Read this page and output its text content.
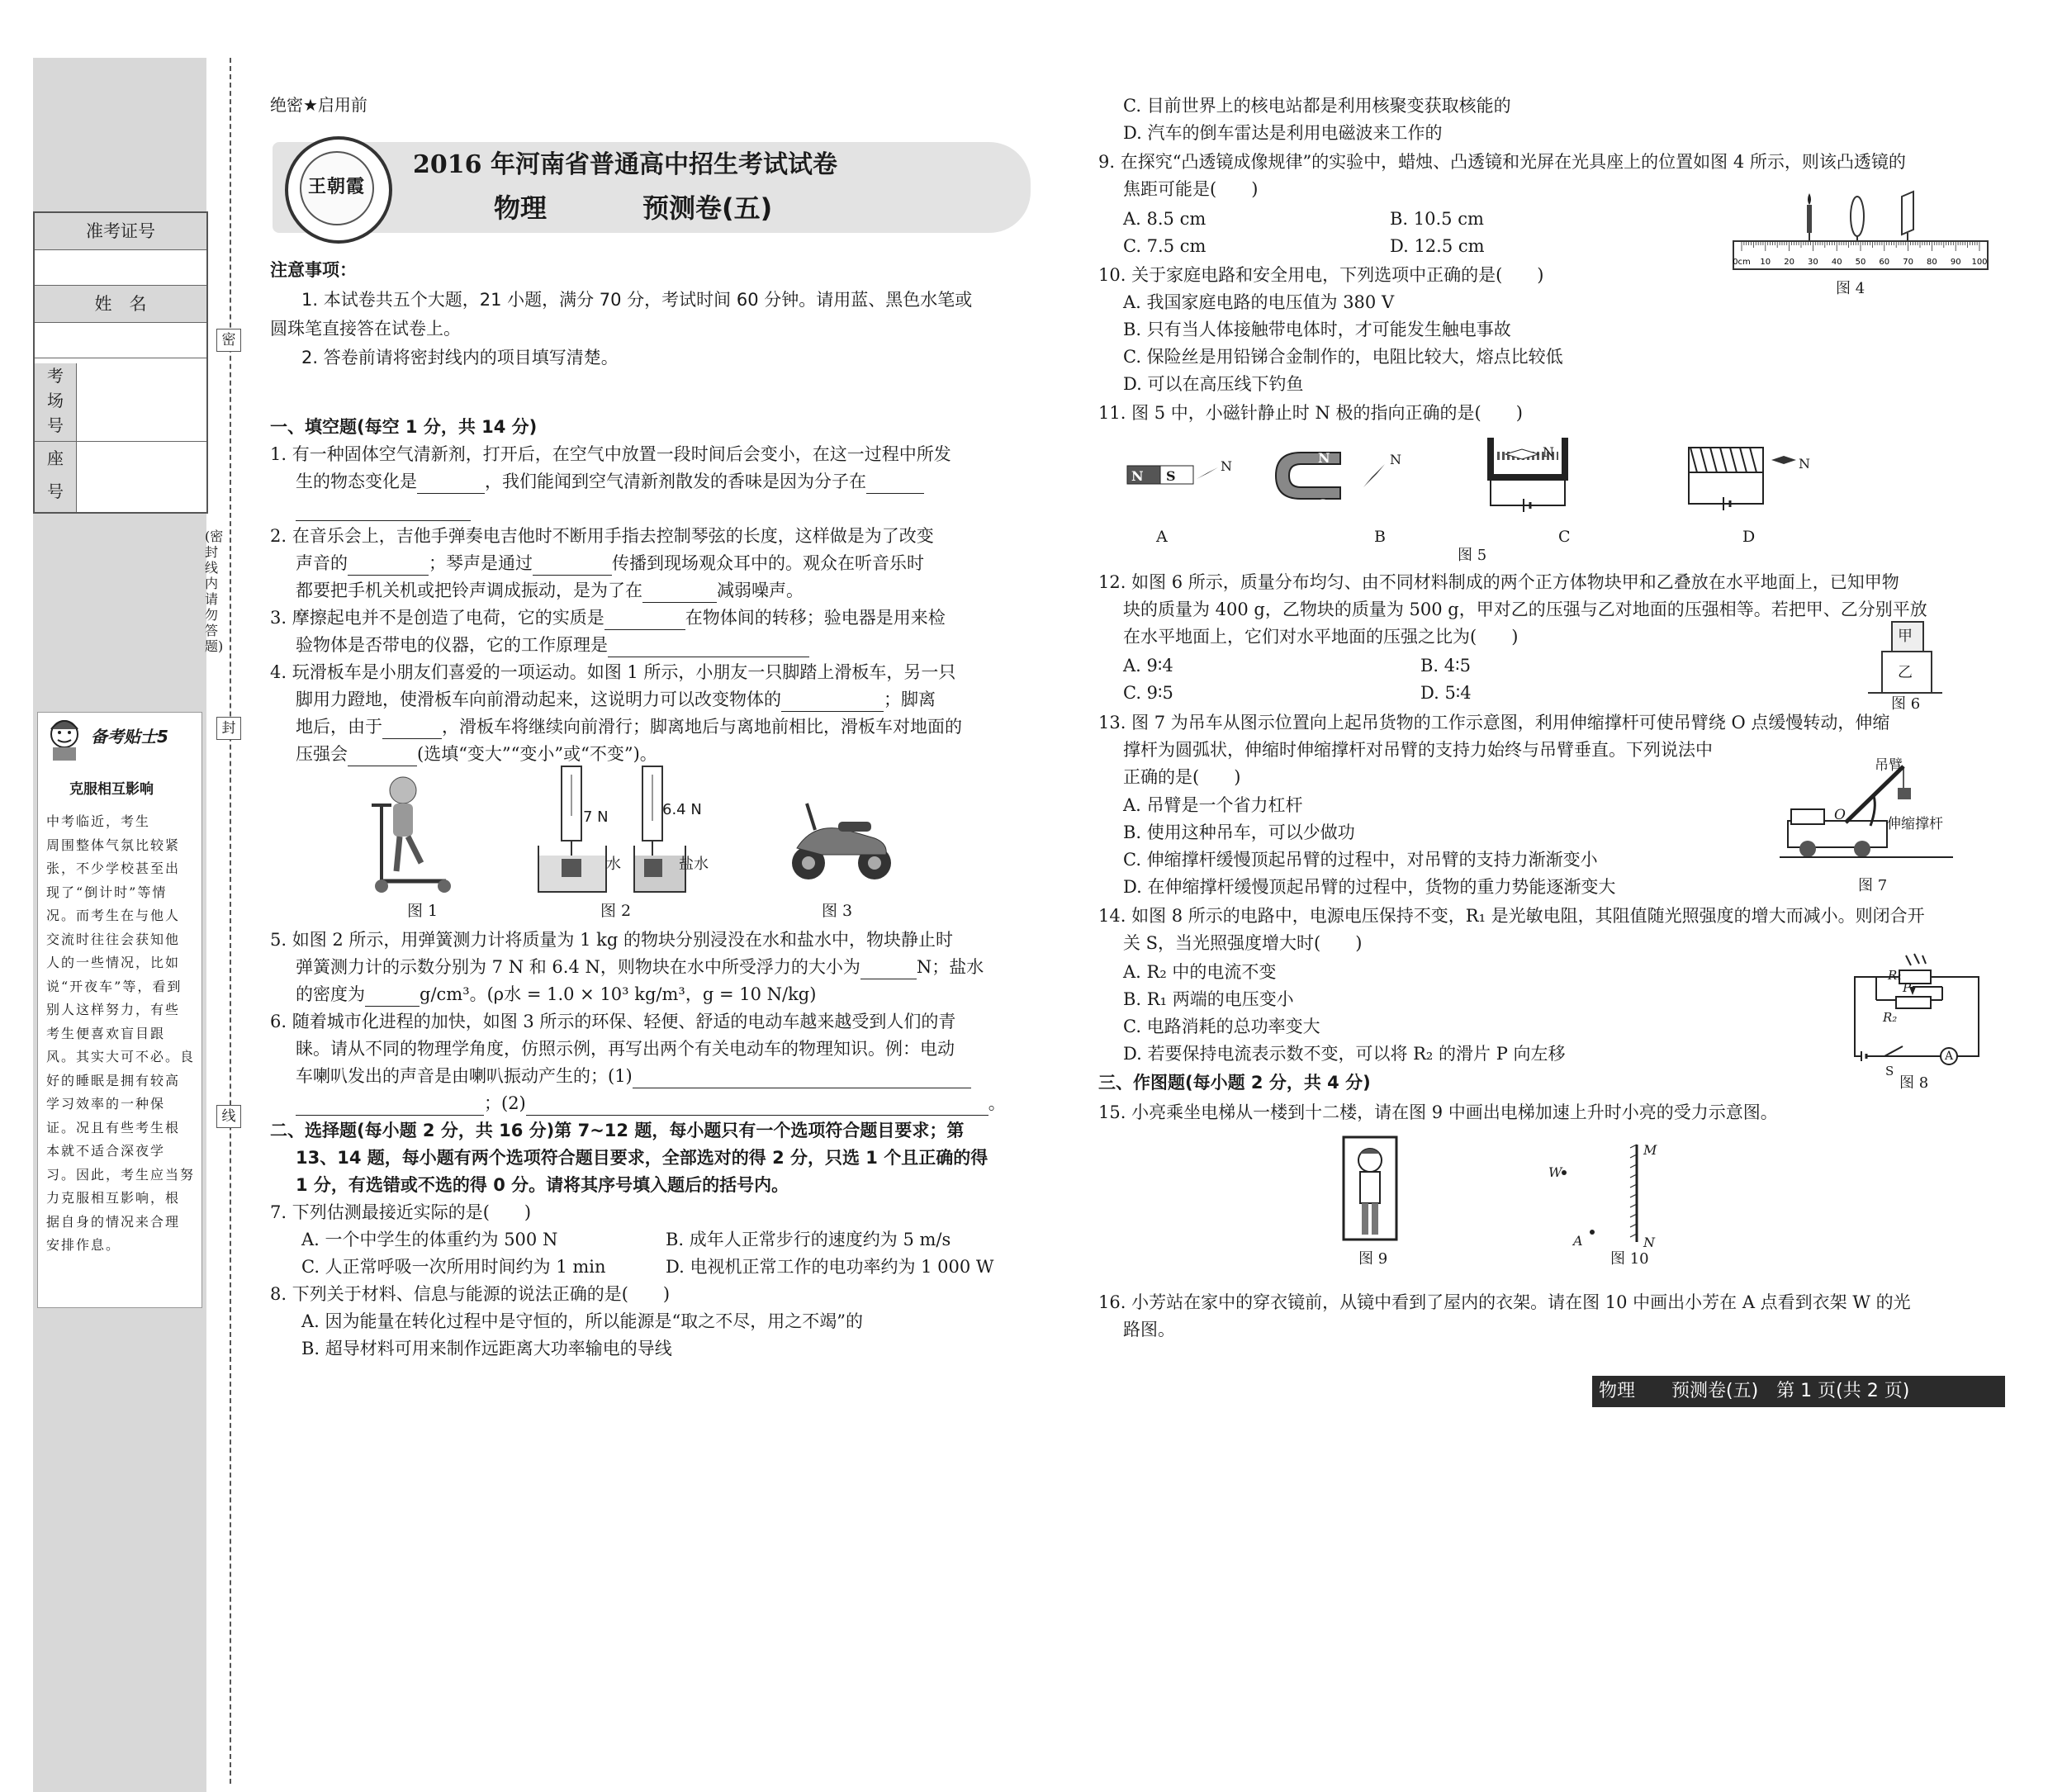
准考证号
姓　名
考
场
号
座
号
密
封
线
(密封线内请勿答题)
备考贴士5
克服相互影响
中考临近，考生
周围整体气氛比较紧
张，不少学校甚至出
现了“倒计时”等情
况。而考生在与他人
交流时往往会获知他
人的一些情况，比如
说“开夜车”等，看到
别人这样努力，有些
考生便喜欢盲目跟
风。其实大可不必。良
好的睡眠是拥有较高
学习效率的一种保
证。况且有些考生根
本就不适合深夜学
习。因此，考生应当努
力克服相互影响，根
据自身的情况来合理
安排作息。
绝密★启用前
王朝霞
2016 年河南省普通高中招生考试试卷
物理	预测卷(五)
注意事项：
1. 本试卷共五个大题，21 小题，满分 70 分，考试时间 60 分钟。请用蓝、黑色水笔或
圆珠笔直接答在试卷上。
2. 答卷前请将密封线内的项目填写清楚。
一、填空题(每空 1 分，共 14 分)
1. 有一种固体空气清新剂，打开后，在空气中放置一段时间后会变小，在这一过程中所发
生的物态变化是	，我们能闻到空气清新剂散发的香味是因为分子在
2. 在音乐会上，吉他手弹奏电吉他时不断用手指去控制琴弦的长度，这样做是为了改变
声音的	；琴声是通过	传播到现场观众耳中的。观众在听音乐时
都要把手机关机或把铃声调成振动，是为了在	减弱噪声。
3. 摩擦起电并不是创造了电荷，它的实质是	在物体间的转移；验电器是用来检
验物体是否带电的仪器，它的工作原理是
4. 玩滑板车是小朋友们喜爱的一项运动。如图 1 所示，小朋友一只脚踏上滑板车，另一只
脚用力蹬地，使滑板车向前滑动起来，这说明力可以改变物体的	；脚离
地后，由于	，滑板车将继续向前滑行；脚离地后与离地前相比，滑板车对地面的
压强会	(选填“变大”“变小”或“不变”)。
7 N
水
6.4 N
盐水
图 1	图 2	图 3
5. 如图 2 所示，用弹簧测力计将质量为 1 kg 的物块分别浸没在水和盐水中，物块静止时
弹簧测力计的示数分别为 7 N 和 6.4 N，则物块在水中所受浮力的大小为	N；盐水
的密度为	g/cm³。(ρ水 = 1.0 × 10³ kg/m³，g = 10 N/kg)
6. 随着城市化进程的加快，如图 3 所示的环保、轻便、舒适的电动车越来越受到人们的青
睐。请从不同的物理学角度，仿照示例，再写出两个有关电动车的物理知识。例：电动
车喇叭发出的声音是由喇叭振动产生的；(1)
；(2)	。
二、选择题(每小题 2 分，共 16 分)第 7~12 题，每小题只有一个选项符合题目要求；第
13、14 题，每小题有两个选项符合题目要求，全部选对的得 2 分，只选 1 个且正确的得
1 分，有选错或不选的得 0 分。请将其序号填入题后的括号内。
7. 下列估测最接近实际的是(　　)
A. 一个中学生的体重约为 500 N	B. 成年人正常步行的速度约为 5 m/s
C. 人正常呼吸一次所用时间约为 1 min	D. 电视机正常工作的电功率约为 1 000 W
8. 下列关于材料、信息与能源的说法正确的是(　　)
A. 因为能量在转化过程中是守恒的，所以能源是“取之不尽，用之不竭”的
B. 超导材料可用来制作远距离大功率输电的导线
C. 目前世界上的核电站都是利用核聚变获取核能的
D. 汽车的倒车雷达是利用电磁波来工作的
9. 在探究“凸透镜成像规律”的实验中，蜡烛、凸透镜和光屏在光具座上的位置如图 4 所示，则该凸透镜的
焦距可能是(　　)
A. 8.5 cm	B. 10.5 cm
C. 7.5 cm	D. 12.5 cm
0cm 10 20 30 40 50 60 70 80 90 100
图 4
10. 关于家庭电路和安全用电，下列选项中正确的是(　　)
A. 我国家庭电路的电压值为 380 V
B. 只有当人体接触带电体时，才可能发生触电事故
C. 保险丝是用铅锑合金制作的，电阻比较大，熔点比较低
D. 可以在高压线下钓鱼
11. 图 5 中，小磁针静止时 N 极的指向正确的是(　　)
N S
N
N
S
N	N
N
A	B	C	D
图 5
12. 如图 6 所示，质量分布均匀、由不同材料制成的两个正方体物块甲和乙叠放在水平地面上，已知甲物
块的质量为 400 g，乙物块的质量为 500 g，甲对乙的压强与乙对地面的压强相等。若把甲、乙分别平放
在水平地面上，它们对水平地面的压强之比为(　　)
A. 9∶4	B. 4∶5
C. 9∶5	D. 5∶4
甲
乙
图 6
13. 图 7 为吊车从图示位置向上起吊货物的工作示意图，利用伸缩撑杆可使吊臂绕 O 点缓慢转动，伸缩
撑杆为圆弧状，伸缩时伸缩撑杆对吊臂的支持力始终与吊臂垂直。下列说法中
正确的是(　　)
A. 吊臂是一个省力杠杆
B. 使用这种吊车，可以少做功
C. 伸缩撑杆缓慢顶起吊臂的过程中，对吊臂的支持力渐渐变小
D. 在伸缩撑杆缓慢顶起吊臂的过程中，货物的重力势能逐渐变大
吊臂
伸缩撑杆
O
图 7
14. 如图 8 所示的电路中，电源电压保持不变，R₁ 是光敏电阻，其阻值随光照强度的增大而减小。则闭合开
关 S，当光照强度增大时(　　)
A. R₂ 中的电流不变
B. R₁ 两端的电压变小
C. 电路消耗的总功率变大
D. 若要保持电流表示数不变，可以将 R₂ 的滑片 P 向左移
R₁
P
R₂
S
A
图 8
三、作图题(每小题 2 分，共 4 分)
15. 小亮乘坐电梯从一楼到十二楼，请在图 9 中画出电梯加速上升时小亮的受力示意图。
图 9
W
M
N
A
图 10
16. 小芳站在家中的穿衣镜前，从镜中看到了屋内的衣架。请在图 10 中画出小芳在 A 点看到衣架 W 的光
路图。
物理　　预测卷(五)　第 1 页(共 2 页)
